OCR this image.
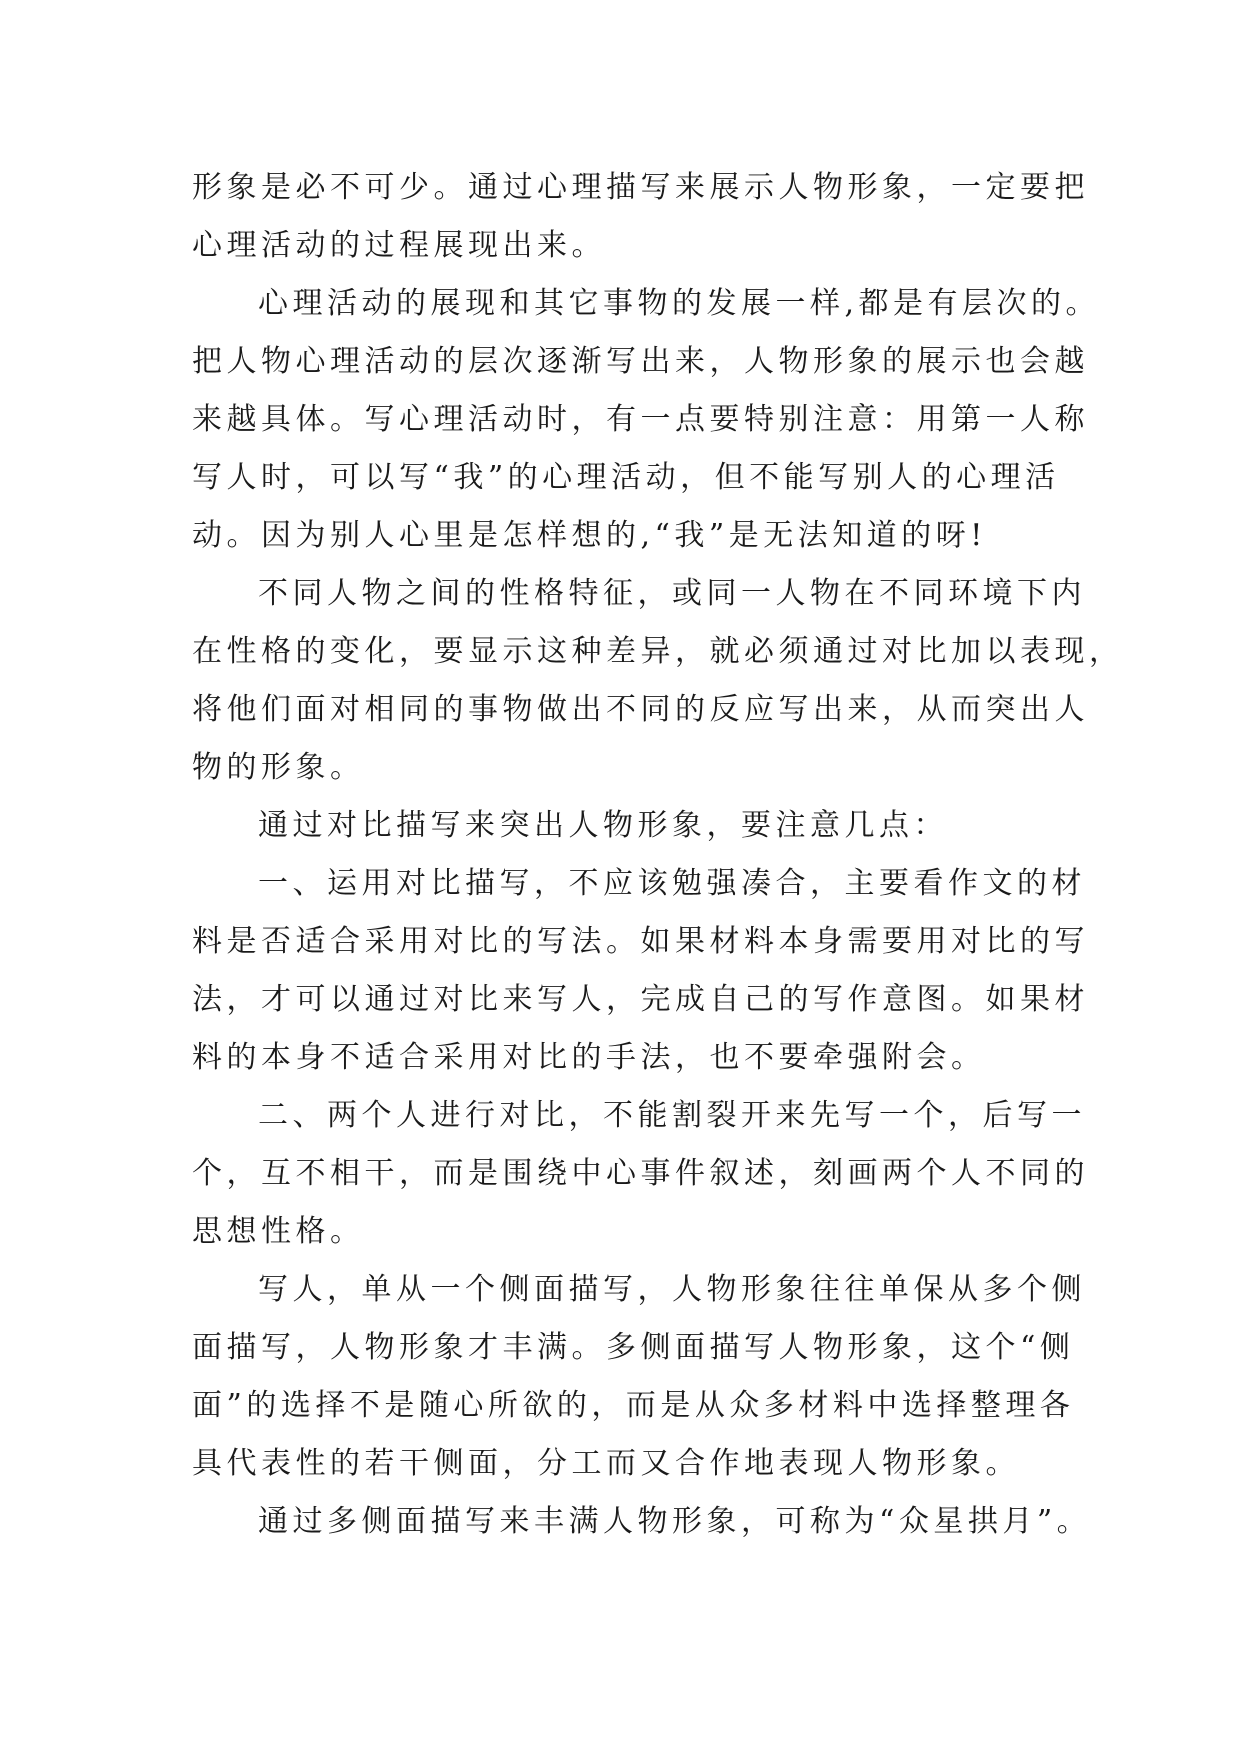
形象是必不可少。通过心理描写来展示人物形象，一定要把
心理活动的过程展现出来。
心理活动的展现和其它事物的发展一样,都是有层次的。
把人物心理活动的层次逐渐写出来，人物形象的展示也会越
来越具体。写心理活动时，有一点要特别注意：用第一人称
写人时，可以写“我”的心理活动，但不能写别人的心理活
动。因为别人心里是怎样想的,“我”是无法知道的呀!
不同人物之间的性格特征，或同一人物在不同环境下内
在性格的变化，要显示这种差异，就必须通过对比加以表现，
将他们面对相同的事物做出不同的反应写出来，从而突出人
物的形象。
通过对比描写来突出人物形象，要注意几点：
一、运用对比描写，不应该勉强凑合，主要看作文的材
料是否适合采用对比的写法。如果材料本身需要用对比的写
法，才可以通过对比来写人，完成自己的写作意图。如果材
料的本身不适合采用对比的手法，也不要牵强附会。
二、两个人进行对比，不能割裂开来先写一个，后写一
个，互不相干，而是围绕中心事件叙述，刻画两个人不同的
思想性格。
写人，单从一个侧面描写，人物形象往往单保从多个侧
面描写，人物形象才丰满。多侧面描写人物形象，这个“侧
面”的选择不是随心所欲的，而是从众多材料中选择整理各
具代表性的若干侧面，分工而又合作地表现人物形象。
通过多侧面描写来丰满人物形象，可称为“众星拱月”。
